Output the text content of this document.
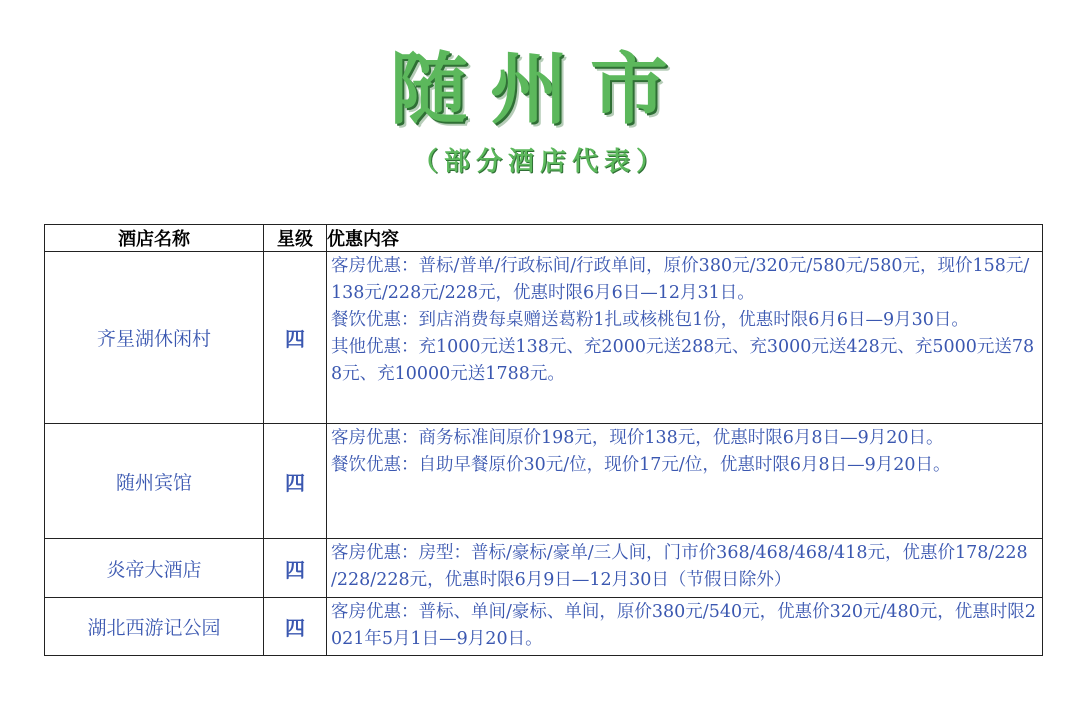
随州市
（部分酒店代表）
酒店名称	星级	优惠内容
齐星湖休闲村	四	客房优惠：普标/普单/行政标间/行政单间，原价380元/320元/580元/580元，现价158元/138元/228元/228元，优惠时限6月6日—12月31日。
餐饮优惠：到店消费每桌赠送葛粉1扎或核桃包1份，优惠时限6月6日—9月30日。
其他优惠：充1000元送138元、充2000元送288元、充3000元送428元、充5000元送788元、充10000元送1788元。

随州宾馆	四	客房优惠：商务标准间原价198元，现价138元，优惠时限6月8日—9月20日。
餐饮优惠：自助早餐原价30元/位，现价17元/位，优惠时限6月8日—9月20日。

炎帝大酒店	四	客房优惠：房型：普标/豪标/豪单/三人间，门市价368/468/468/418元，优惠价178/228 /228/228元，优惠时限6月9日—12月30日（节假日除外）

湖北西游记公园	四	客房优惠：普标、单间/豪标、单间，原价380元/540元，优惠价320元/480元，优惠时限2021年5月1日—9月20日。
